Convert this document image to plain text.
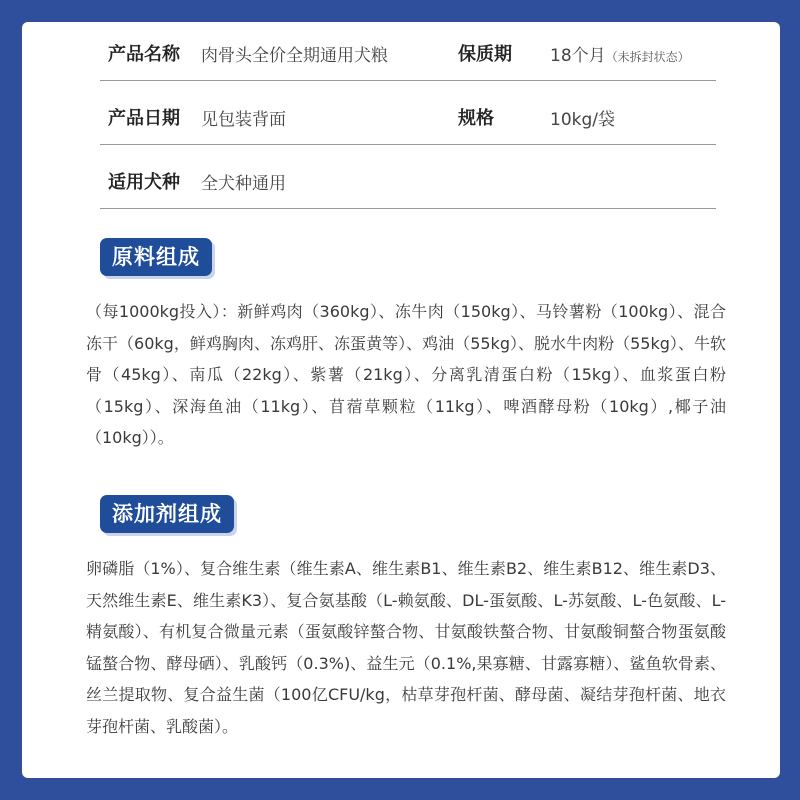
产品名称 肉骨头全价全期通用犬粮	保质期 18个月（未拆封状态）
产品日期 见包装背面	规格	10kg/袋
适用犬种 全犬种通用
原料组成

（每1000kg投入）：新鲜鸡肉（360kg）、冻牛肉（150kg）、马铃薯粉（100kg）、混合冻干（60kg，鲜鸡胸肉、冻鸡肝、冻蛋黄等）、鸡油（55kg）、脱水牛肉粉（55kg）、牛软骨（45kg）、南瓜（22kg）、紫薯（21kg）、分离乳清蛋白粉（15kg）、血浆蛋白粉（15kg）、深海鱼油（11kg）、苜蓿草颗粒（11kg）、啤酒酵母粉（10kg）,椰子油（10kg））。

添加剂组成

卵磷脂（1%）、复合维生素（维生素A、维生素B1、维生素B2、维生素B12、维生素D3、天然维生素E、维生素K3）、复合氨基酸（L-赖氨酸、DL-蛋氨酸、L-苏氨酸、L-色氨酸、L-精氨酸）、有机复合微量元素（蛋氨酸锌螯合物、甘氨酸铁螯合物、甘氨酸铜螯合物蛋氨酸锰螯合物、酵母硒）、乳酸钙（0.3%)、益生元（0.1%,果寡糖、甘露寡糖）、鲨鱼软骨素、丝兰提取物、复合益生菌（100亿CFU/kg，枯草芽孢杆菌、酵母菌、凝结芽孢杆菌、地衣芽孢杆菌、乳酸菌）。
